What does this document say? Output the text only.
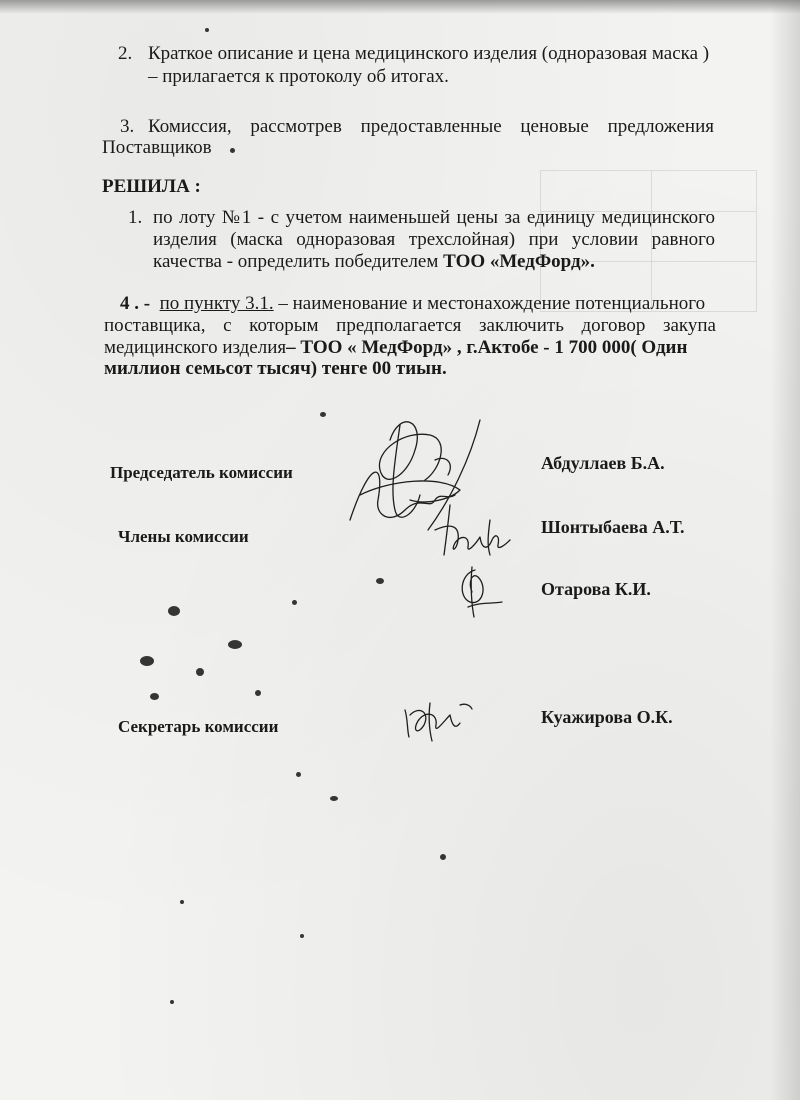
2. Краткое описание и цена медицинского изделия (одноразовая маска )
– прилагается к протоколу об итогах.
3. Комиссия, рассмотрев предоставленные ценовые предложения
Поставщиков
РЕШИЛА :
1. по лоту №1 - с учетом наименьшей цены за единицу медицинского
изделия (маска одноразовая трехслойная) при условии равного
качества - определить победителем ТОО «МедФорд».
4 . - по пункту 3.1. – наименование и местонахождение потенциального
поставщика, с которым предполагается заключить договор закупа
медицинского изделия– ТОО « МедФорд» , г.Актобе - 1 700 000( Один
миллион семьсот тысяч) тенге 00 тиын.
Председатель комиссии	Абдуллаев Б.А.
Члены комиссии	Шонтыбаева А.Т.
Отарова К.И.
Секретарь комиссии	Куажирова О.К.
